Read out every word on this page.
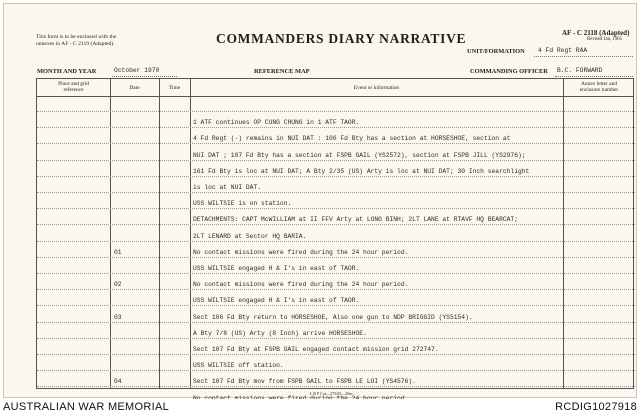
This form is to be enclosed with the
unnexes in AF - C 2119 (Adapted).	COMMANDERS DIARY NARRATIVE	AF - C 2118 (Adapted)
Revised Jan, 1965
UNIT/FORMATION 4 Fd Regt RAA
MONTH AND YEAR	October 1970	REFERENCE MAP	COMMANDING OFFICER B.C. FORWARD
Place and grid
reference	Date	Time	Event or information
Annex letter and
enclosure number
1 ATF continues OP CUNG CHUNG in 1 ATF TAOR.
4 Fd Regt (-) remains in NUI DAT : 106 Fd Bty has a section at HORSESHOE, section at
NUI DAT ; 107 Fd Bty has a section at FSPB GAIL (YS2572), section at FSPB JILL (YS2976);
161 Fd Bty is loc at NUI DAT; A Bty 2/35 (US) Arty is loc at NUI DAT; 30 Inch searchlight
is loc at NUI DAT.
USS WILTSIE is on station.
DETACHMENTS: CAPT McWILLIAM at II FFV Arty at LONG BINH; 2LT LANE at RTAVF HQ BEARCAT;
2LT LENARD at Sector HQ BARIA.
01	No contact missions were fired during the 24 hour period.
USS WILTSIE engaged H & I's in east of TAOR.
02	No contact missions were fired during the 24 hour period.
USS WILTSIE engaged H & I's in east of TAOR.
03	Sect 106 Fd Bty return to HORSESHOE, Also one gun to NDP BRIGGID (YS5154).
A Bty 7/8 (US) Arty (8 Inch) arrive HORSESHOE.
Sect 107 Fd Bty at FSPB GAIL engaged contact mission grid 272747.
USS WILTSIE off station.
04	Sect 107 Fd Bty mov from FSPB GAIL to FSPB LE LOI (YS4576).
L R P Cos—275/65—20m
AUSTRALIAN WAR MEMORIAL	RCDIG1027918
